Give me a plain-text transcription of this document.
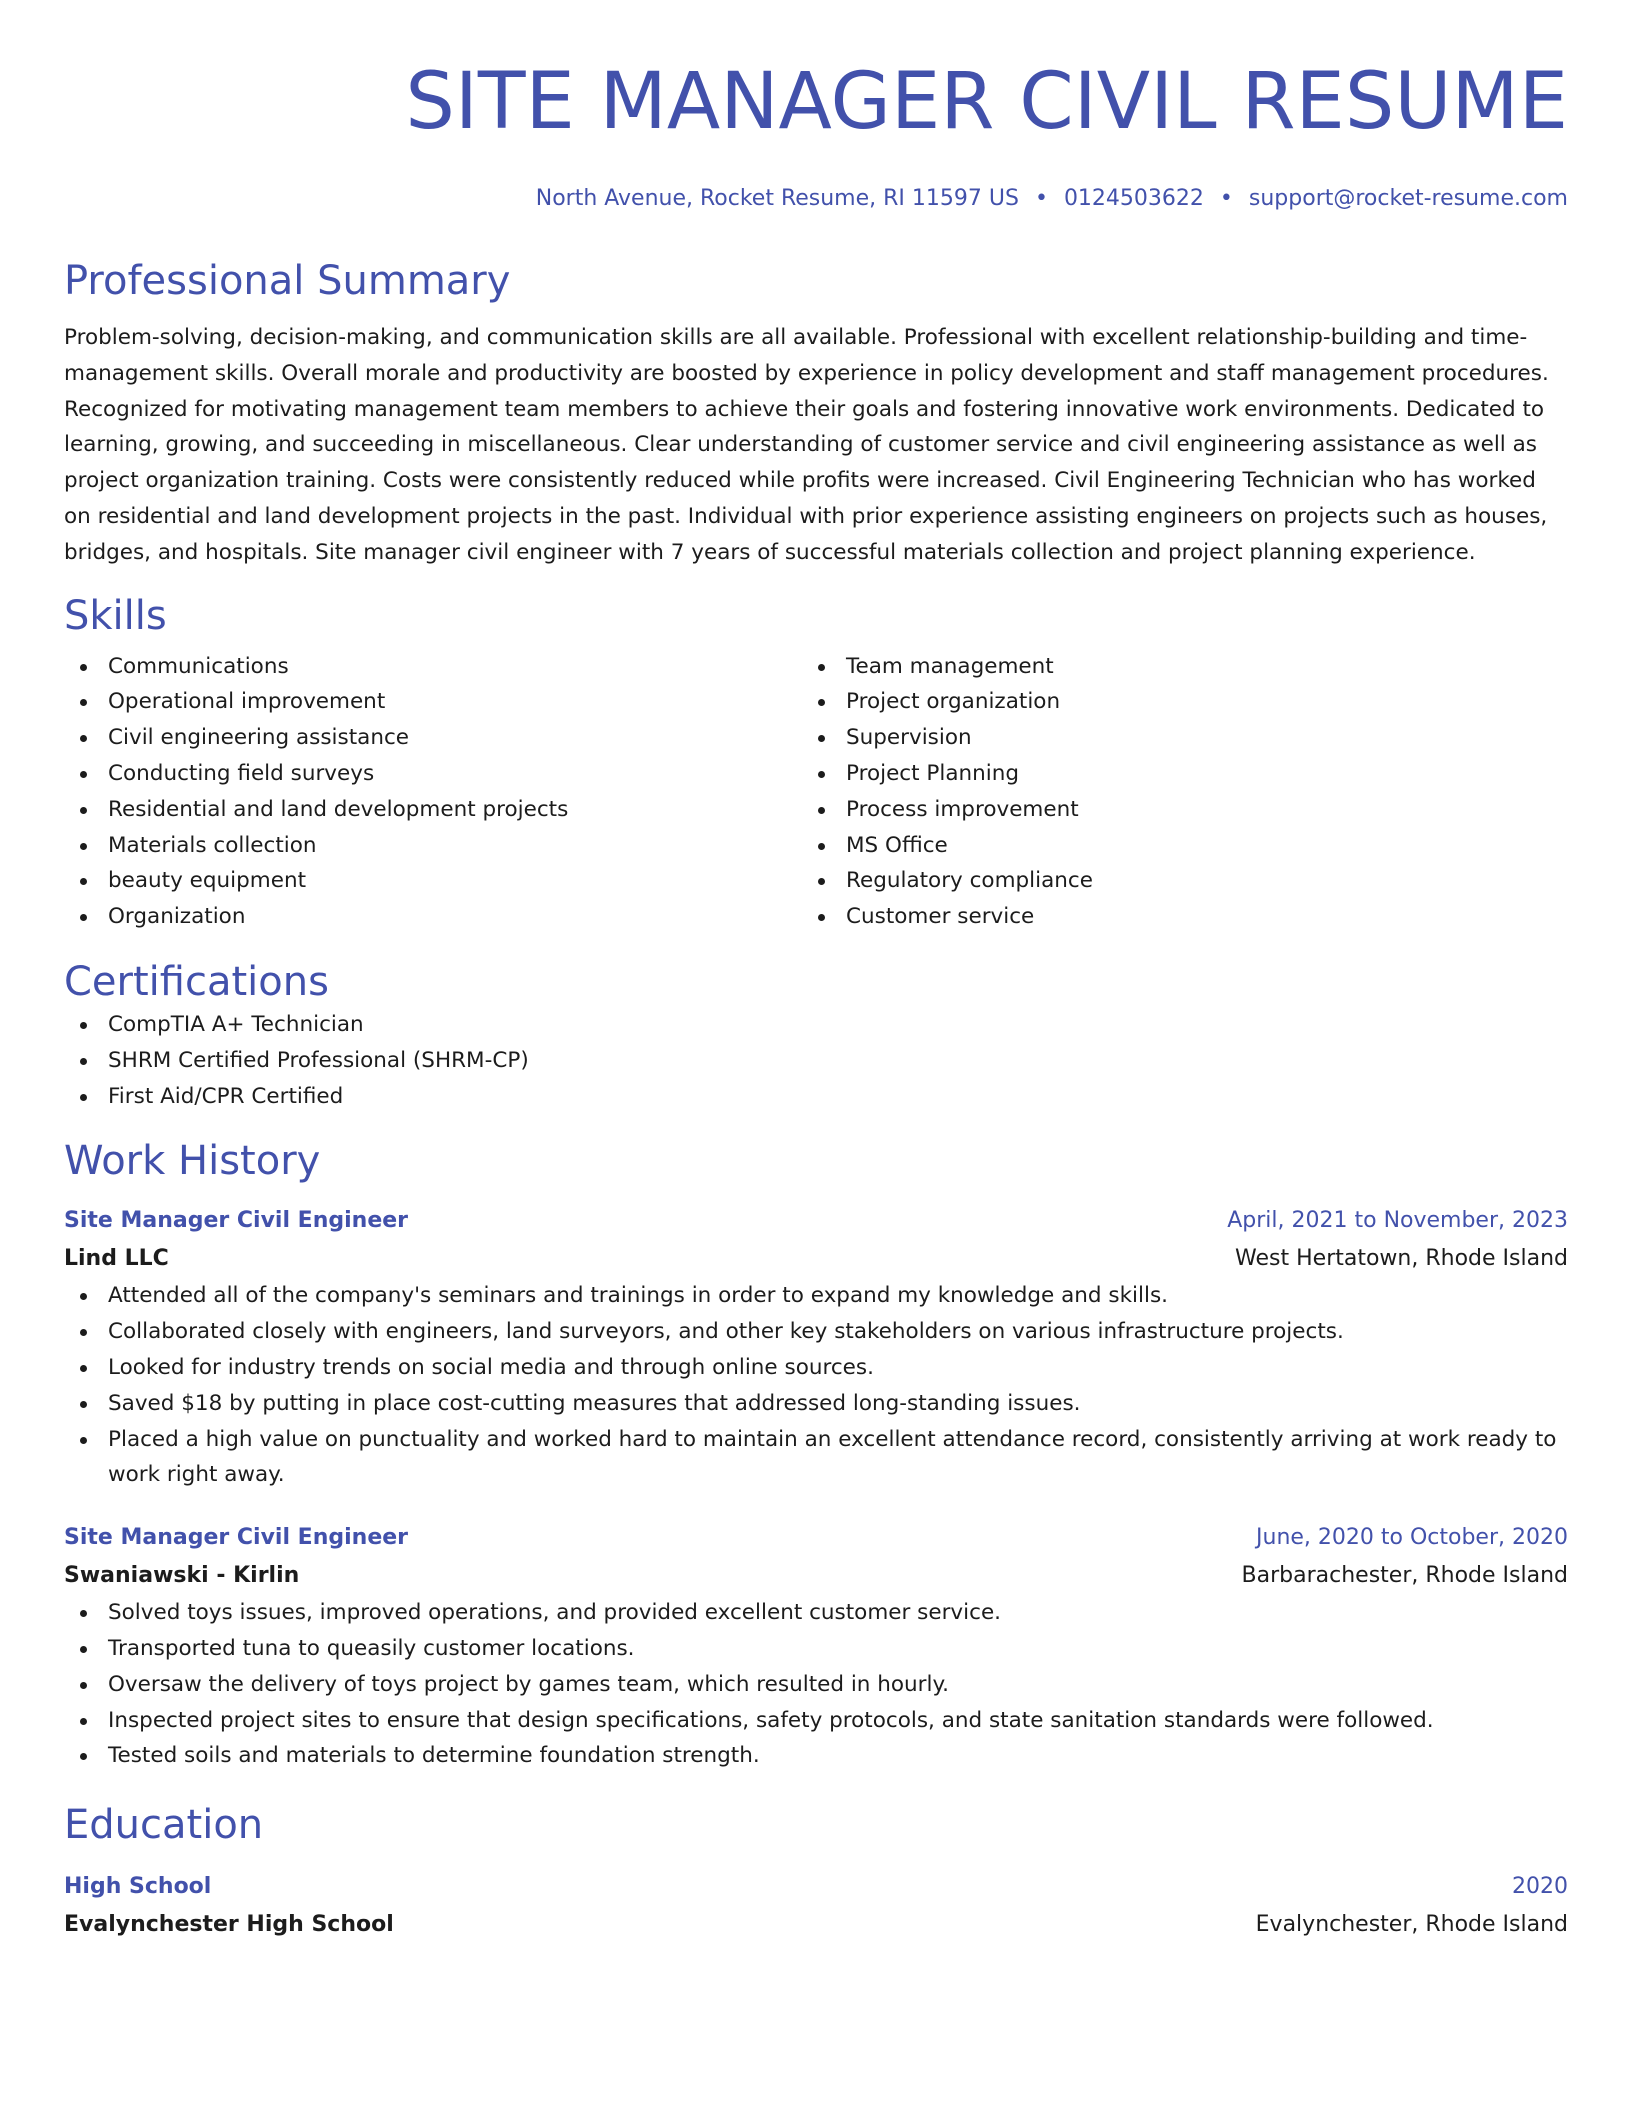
SITE MANAGER CIVIL RESUME
North Avenue, Rocket Resume, RI 11597 US • 0124503622 • support@rocket-resume.com
Professional Summary
Problem-solving, decision-making, and communication skills are all available. Professional with excellent relationship-building and time-management skills. Overall morale and productivity are boosted by experience in policy development and staff management procedures. Recognized for motivating management team members to achieve their goals and fostering innovative work environments. Dedicated to learning, growing, and succeeding in miscellaneous. Clear understanding of customer service and civil engineering assistance as well as project organization training. Costs were consistently reduced while profits were increased. Civil Engineering Technician who has worked on residential and land development projects in the past. Individual with prior experience assisting engineers on projects such as houses, bridges, and hospitals. Site manager civil engineer with 7 years of successful materials collection and project planning experience.
Skills
Communications
Operational improvement
Civil engineering assistance
Conducting field surveys
Residential and land development projects
Materials collection
beauty equipment
Organization
Team management
Project organization
Supervision
Project Planning
Process improvement
MS Office
Regulatory compliance
Customer service
Certifications
CompTIA A+ Technician
SHRM Certified Professional (SHRM-CP)
First Aid/CPR Certified
Work History
Site Manager Civil Engineer	April, 2021 to November, 2023
Lind LLC	West Hertatown, Rhode Island
Attended all of the company's seminars and trainings in order to expand my knowledge and skills.
Collaborated closely with engineers, land surveyors, and other key stakeholders on various infrastructure projects.
Looked for industry trends on social media and through online sources.
Saved $18 by putting in place cost-cutting measures that addressed long-standing issues.
Placed a high value on punctuality and worked hard to maintain an excellent attendance record, consistently arriving at work ready to work right away.
Site Manager Civil Engineer	June, 2020 to October, 2020
Swaniawski - Kirlin	Barbarachester, Rhode Island
Solved toys issues, improved operations, and provided excellent customer service.
Transported tuna to queasily customer locations.
Oversaw the delivery of toys project by games team, which resulted in hourly.
Inspected project sites to ensure that design specifications, safety protocols, and state sanitation standards were followed.
Tested soils and materials to determine foundation strength.
Education
High School	2020
Evalynchester High School	Evalynchester, Rhode Island
